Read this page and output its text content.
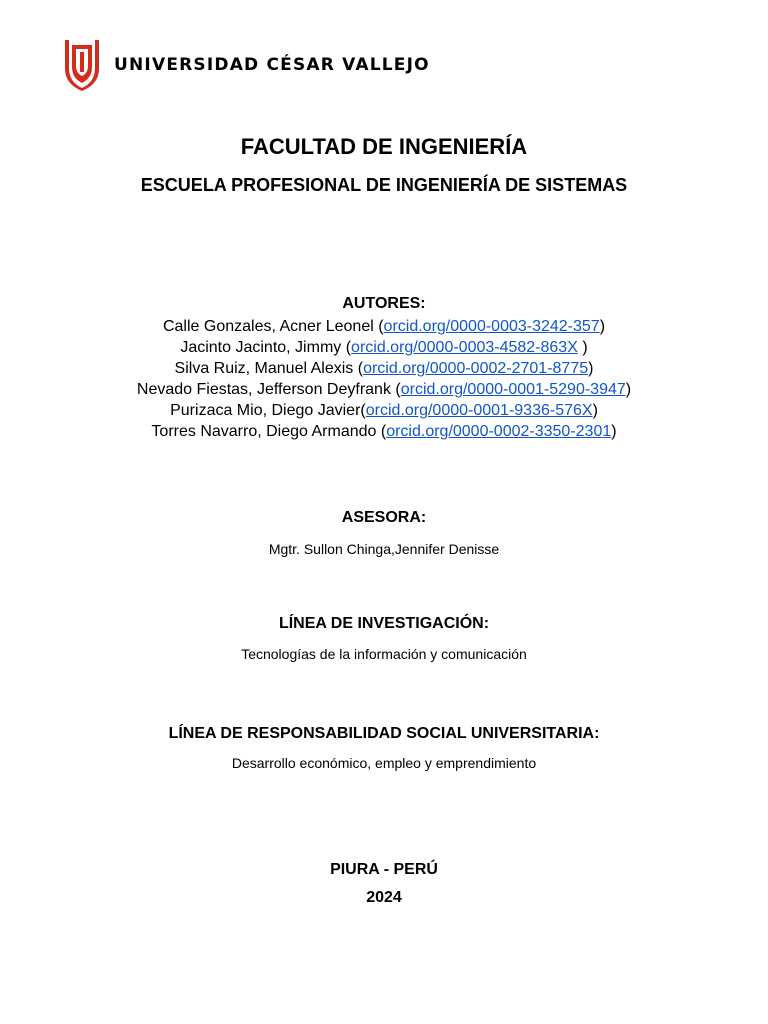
UNIVERSIDAD CÉSAR VALLEJO
FACULTAD DE INGENIERÍA
ESCUELA PROFESIONAL DE INGENIERÍA DE SISTEMAS
AUTORES:
Calle Gonzales, Acner Leonel (orcid.org/0000-0003-3242-357)
Jacinto Jacinto, Jimmy (orcid.org/0000-0003-4582-863X )
Silva Ruiz, Manuel Alexis (orcid.org/0000-0002-2701-8775)
Nevado Fiestas, Jefferson Deyfrank (orcid.org/0000-0001-5290-3947)
Purizaca Mio, Diego Javier(orcid.org/0000-0001-9336-576X)
Torres Navarro, Diego Armando (orcid.org/0000-0002-3350-2301)
ASESORA:
Mgtr. Sullon Chinga,Jennifer Denisse
LÍNEA DE INVESTIGACIÓN:
Tecnologías de la información y comunicación
LÍNEA DE RESPONSABILIDAD SOCIAL UNIVERSITARIA:
Desarrollo económico, empleo y emprendimiento
PIURA - PERÚ
2024
